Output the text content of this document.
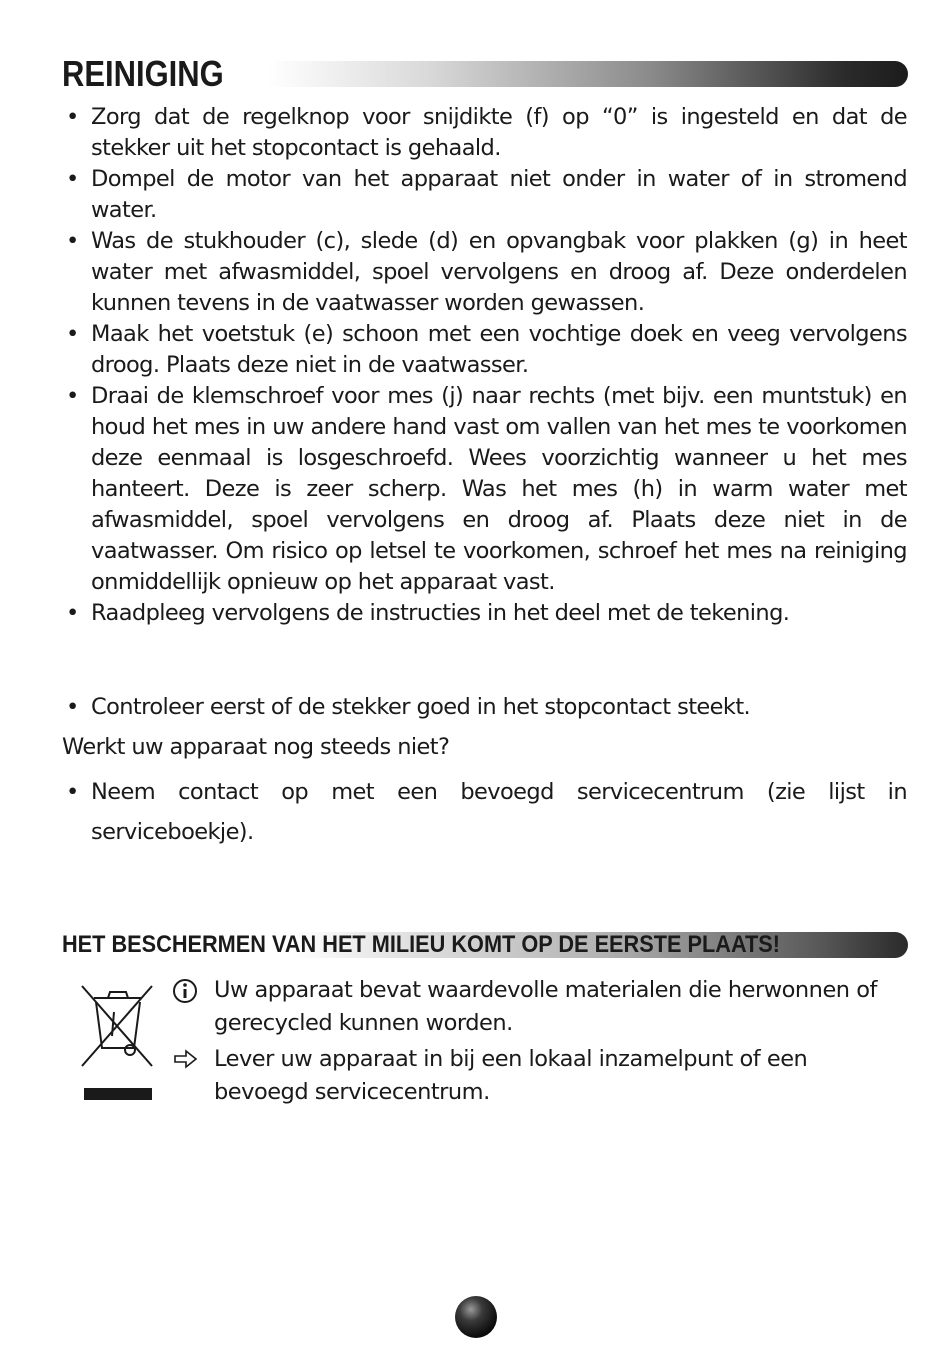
REINIGING
• Zorg dat de regelknop voor snijdikte (f) op “0” is ingesteld en dat de stekker uit het stopcontact is gehaald.
• Dompel de motor van het apparaat niet onder in water of in stromend water.
• Was de stukhouder (c), slede (d) en opvangbak voor plakken (g) in heet water met afwasmiddel, spoel vervolgens en droog af. Deze onderdelen kunnen tevens in de vaatwasser worden gewassen.
• Maak het voetstuk (e) schoon met een vochtige doek en veeg vervolgens droog. Plaats deze niet in de vaatwasser.
• Draai de klemschroef voor mes (j) naar rechts (met bijv. een muntstuk) en houd het mes in uw andere hand vast om vallen van het mes te voorkomen deze eenmaal is losgeschroefd. Wees voorzichtig wanneer u het mes hanteert. Deze is zeer scherp. Was het mes (h) in warm water met afwasmiddel, spoel vervolgens en droog af. Plaats deze niet in de vaatwasser. Om risico op letsel te voorkomen, schroef het mes na reiniging onmiddellijk opnieuw op het apparaat vast.
• Raadpleeg vervolgens de instructies in het deel met de tekening.
• Controleer eerst of de stekker goed in het stopcontact steekt.
Werkt uw apparaat nog steeds niet?
• Neem contact op met een bevoegd servicecentrum (zie lijst in serviceboekje).
HET BESCHERMEN VAN HET MILIEU KOMT OP DE EERSTE PLAATS!
Uw apparaat bevat waardevolle materialen die herwonnen of gerecycled kunnen worden.
Lever uw apparaat in bij een lokaal inzamelpunt of een bevoegd servicecentrum.
